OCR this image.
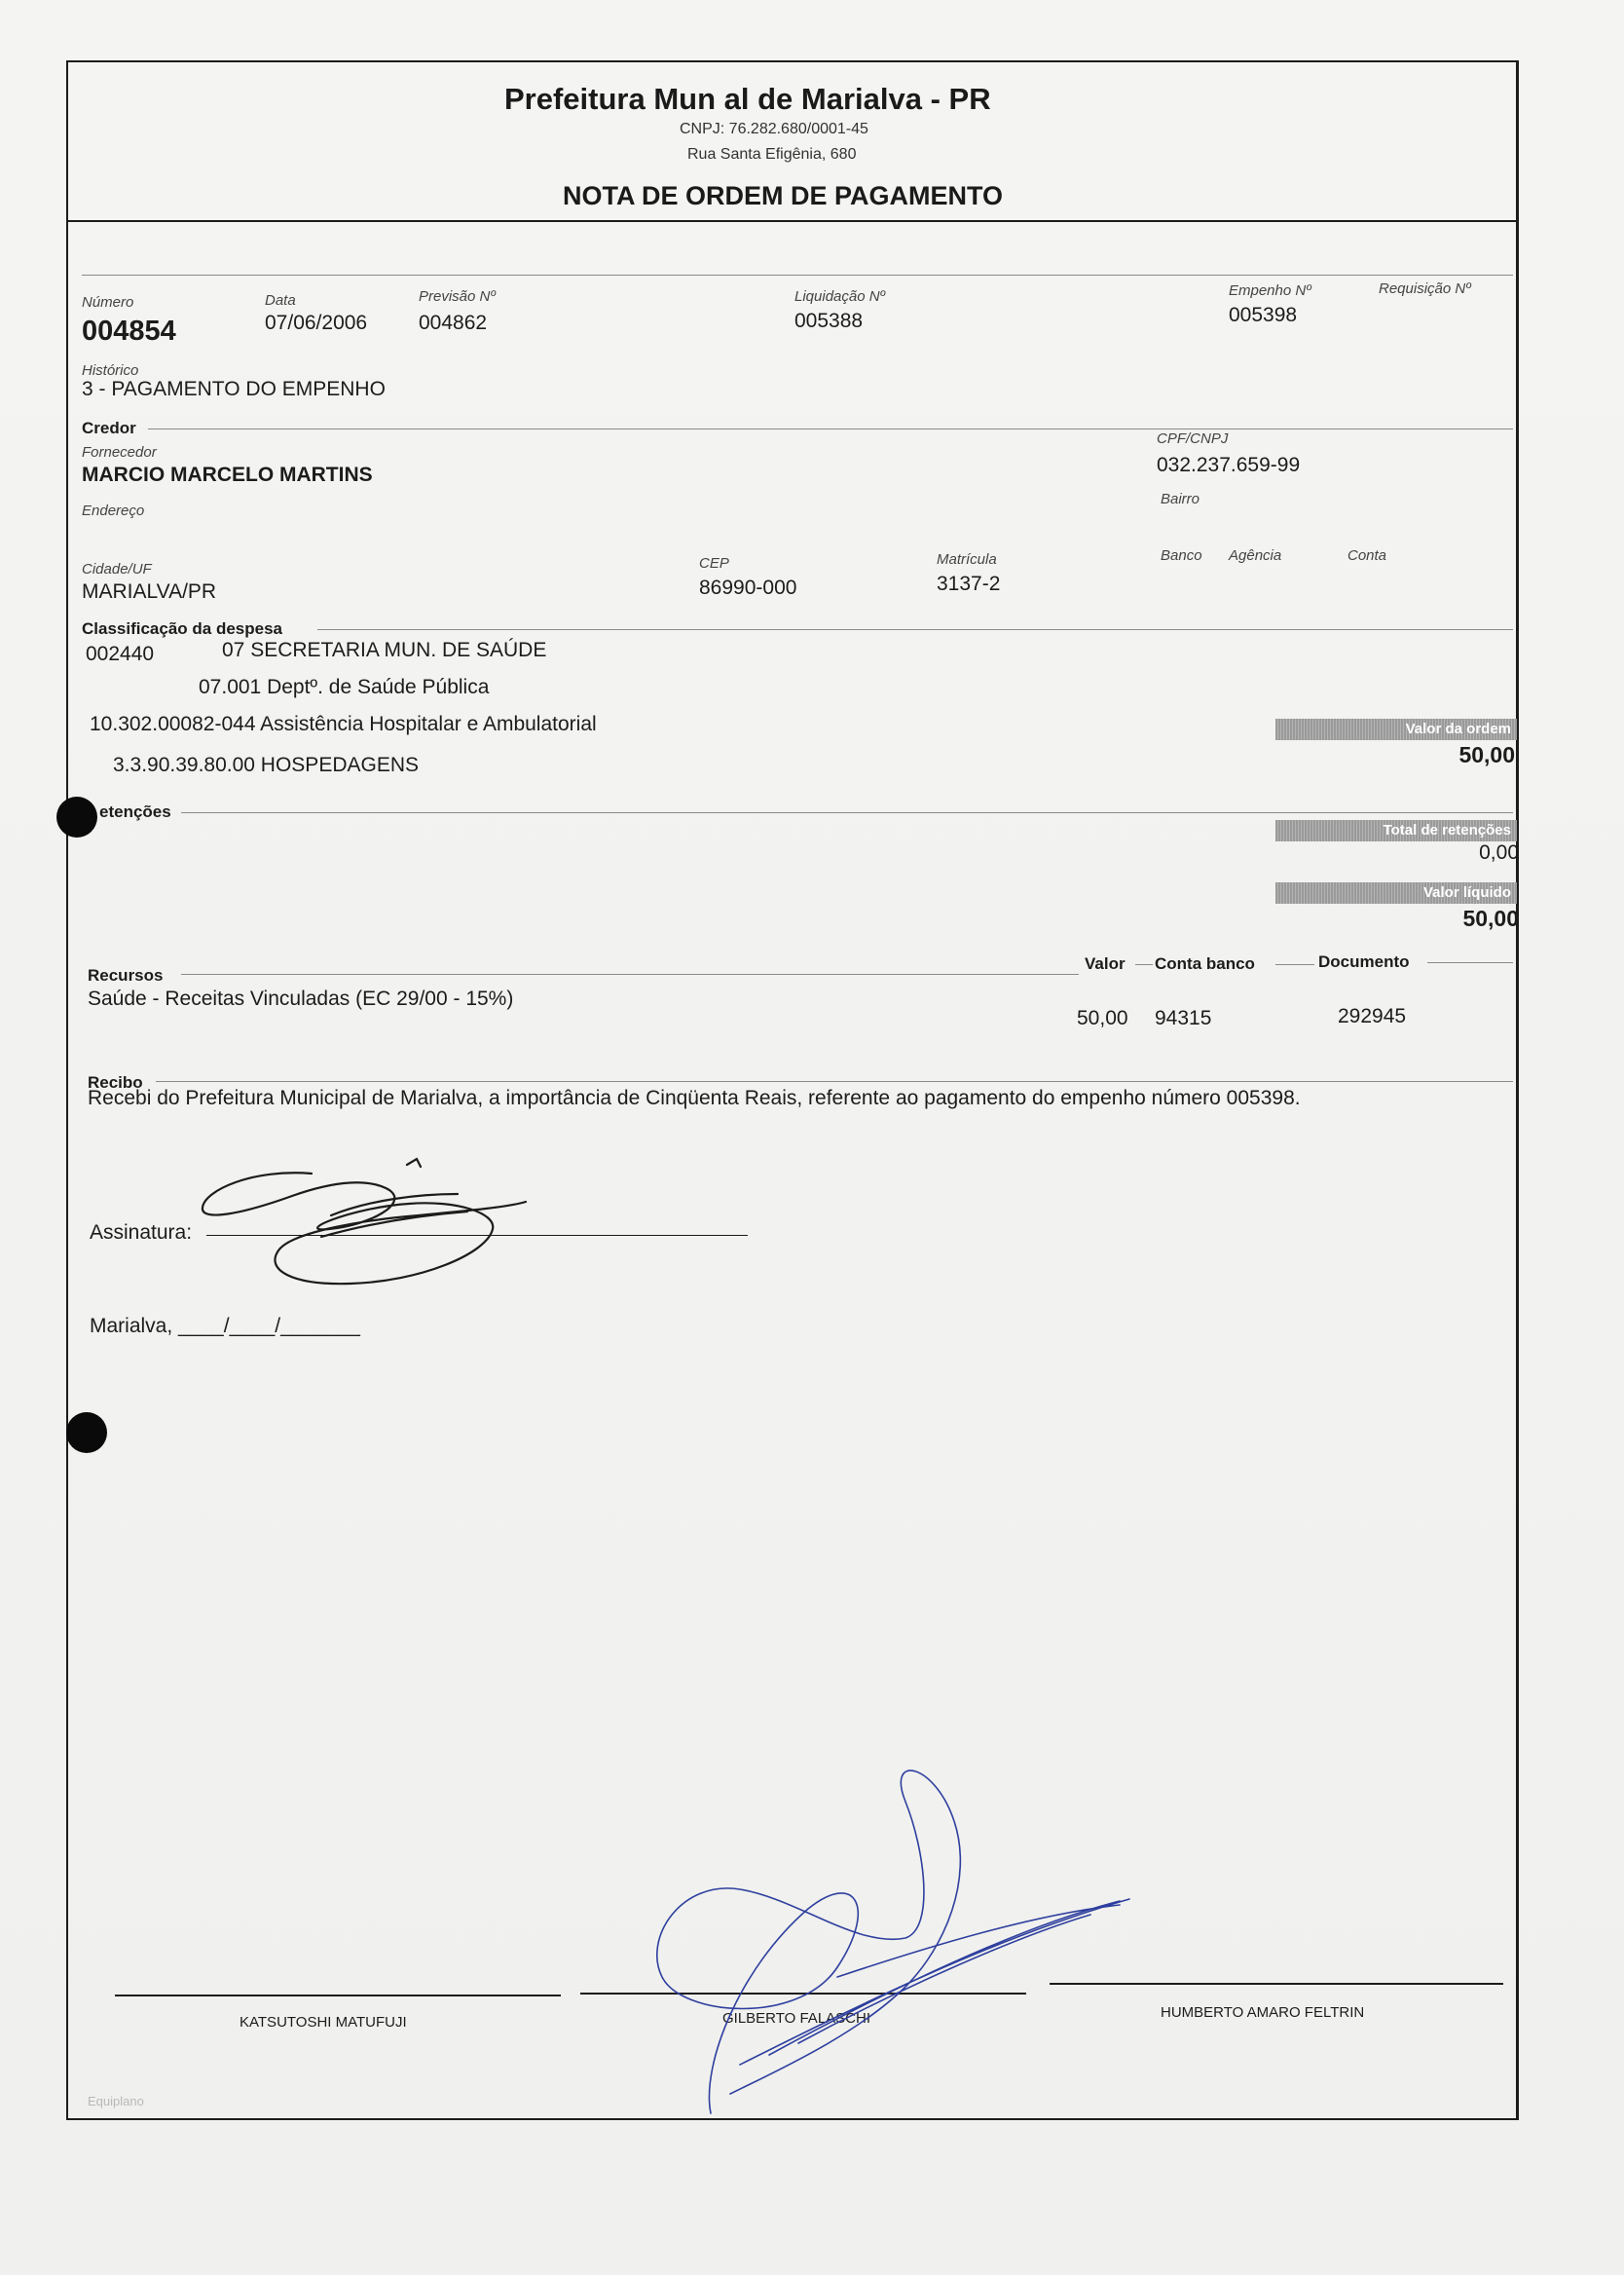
Prefeitura Mun al de Marialva - PR
CNPJ: 76.282.680/0001-45
Rua Santa Efigênia, 680
NOTA DE ORDEM DE PAGAMENTO
Número
004854
Data
07/06/2006
Previsão Nº
004862
Liquidação Nº
005388
Empenho Nº
005398
Requisição Nº
Histórico
3 - PAGAMENTO DO EMPENHO
Credor
Fornecedor
MARCIO MARCELO MARTINS
CPF/CNPJ
032.237.659-99
Endereço
Bairro
Cidade/UF
MARIALVA/PR
CEP
86990-000
Matrícula
3137-2
Banco Agência	Conta
Classificação da despesa
002440	07 SECRETARIA MUN. DE SAÚDE
07.001 Deptº. de Saúde Pública
10.302.00082-044 Assistência Hospitalar e Ambulatorial
3.3.90.39.80.00 HOSPEDAGENS
Valor da ordem
50,00
etenções
Total de retenções
0,00
Valor líquido
50,00
Recursos
Valor Conta banco	Documento
Saúde - Receitas Vinculadas (EC 29/00 - 15%)
50,00 94315	292945
Recibo
Recebi do Prefeitura Municipal de Marialva, a importância de Cinqüenta Reais, referente ao pagamento do empenho número 005398.
Assinatura:
Marialva, ____/____/_______
KATSUTOSHI MATUFUJI	GILBERTO FALASCHI	HUMBERTO AMARO FELTRIN
Equiplano
